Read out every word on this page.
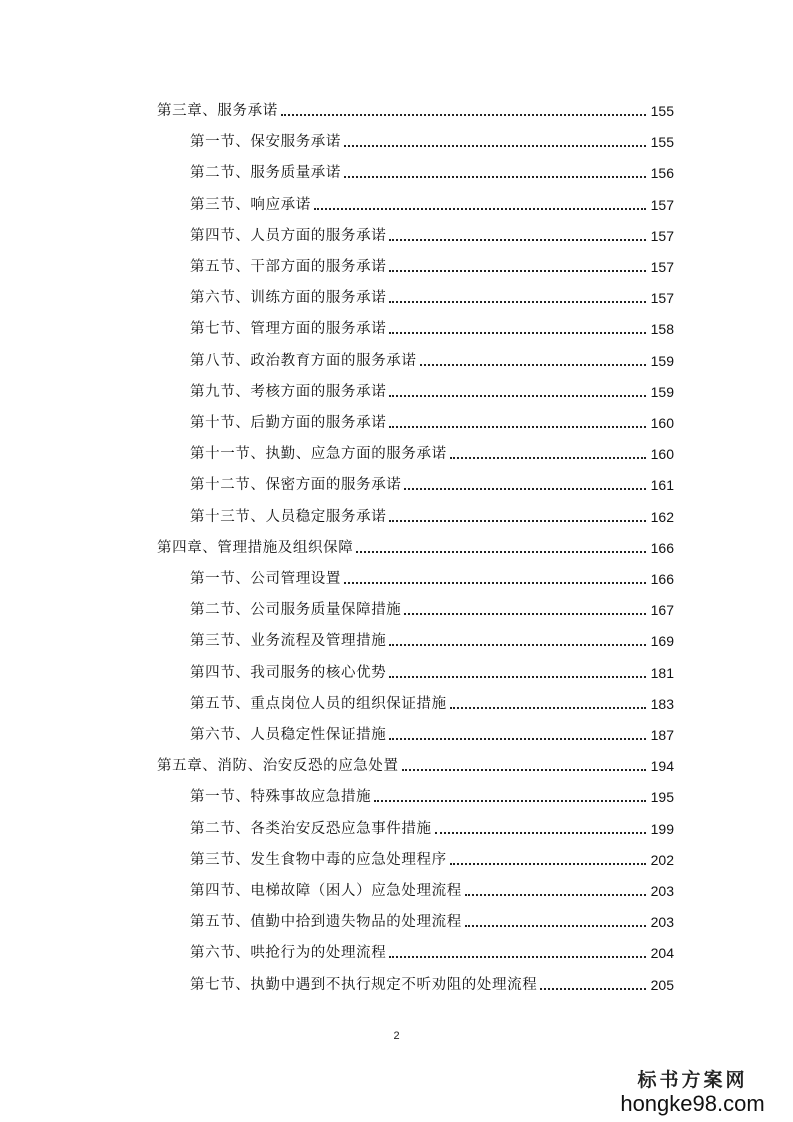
第三章、服务承诺	155
第一节、保安服务承诺	155
第二节、服务质量承诺	156
第三节、响应承诺	157
第四节、人员方面的服务承诺	157
第五节、干部方面的服务承诺	157
第六节、训练方面的服务承诺	157
第七节、管理方面的服务承诺	158
第八节、政治教育方面的服务承诺	159
第九节、考核方面的服务承诺	159
第十节、后勤方面的服务承诺	160
第十一节、执勤、应急方面的服务承诺	160
第十二节、保密方面的服务承诺	161
第十三节、人员稳定服务承诺	162
第四章、管理措施及组织保障	166
第一节、公司管理设置	166
第二节、公司服务质量保障措施	167
第三节、业务流程及管理措施	169
第四节、我司服务的核心优势	181
第五节、重点岗位人员的组织保证措施	183
第六节、人员稳定性保证措施	187
第五章、消防、治安反恐的应急处置	194
第一节、特殊事故应急措施	195
第二节、各类治安反恐应急事件措施	199
第三节、发生食物中毒的应急处理程序	202
第四节、电梯故障（困人）应急处理流程	203
第五节、值勤中拾到遗失物品的处理流程	203
第六节、哄抢行为的处理流程	204
第七节、执勤中遇到不执行规定不听劝阻的处理流程	205
2
标书方案网
hongke98.com
